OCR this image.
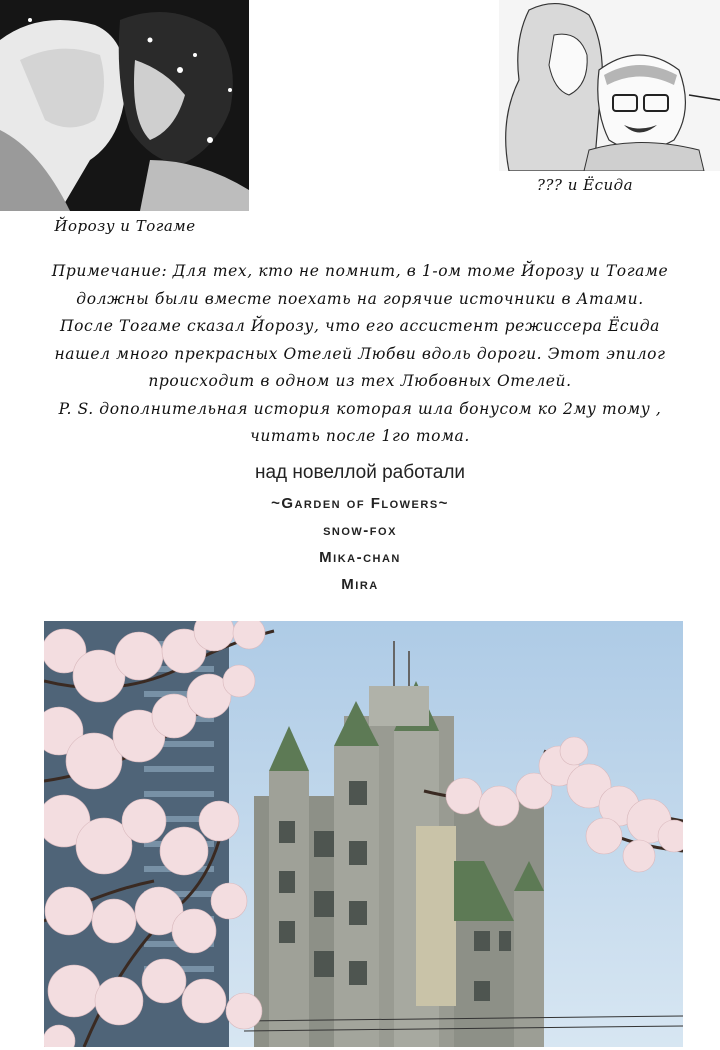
Йорозу и Тогаме
??? и Ёсида

Примечание: Для тех, кто не помнит, в 1-ом томе Йорозу и Тогаме

должны были вместе поехать на горячие источники в Атами.

После Тогаме сказал Йорозу, что его ассистент режиссера Ёсида

нашел много прекрасных Отелей Любви вдоль дороги. Этот эпилог

происходит в одном из тех Любовных Отелей.

P. S. дополнительная история которая шла бонусом ко 2му тому ,

читать после 1го тома.

над новеллой работали
~Garden of Flowers~
snow-fox
Mika-chan
Mira
